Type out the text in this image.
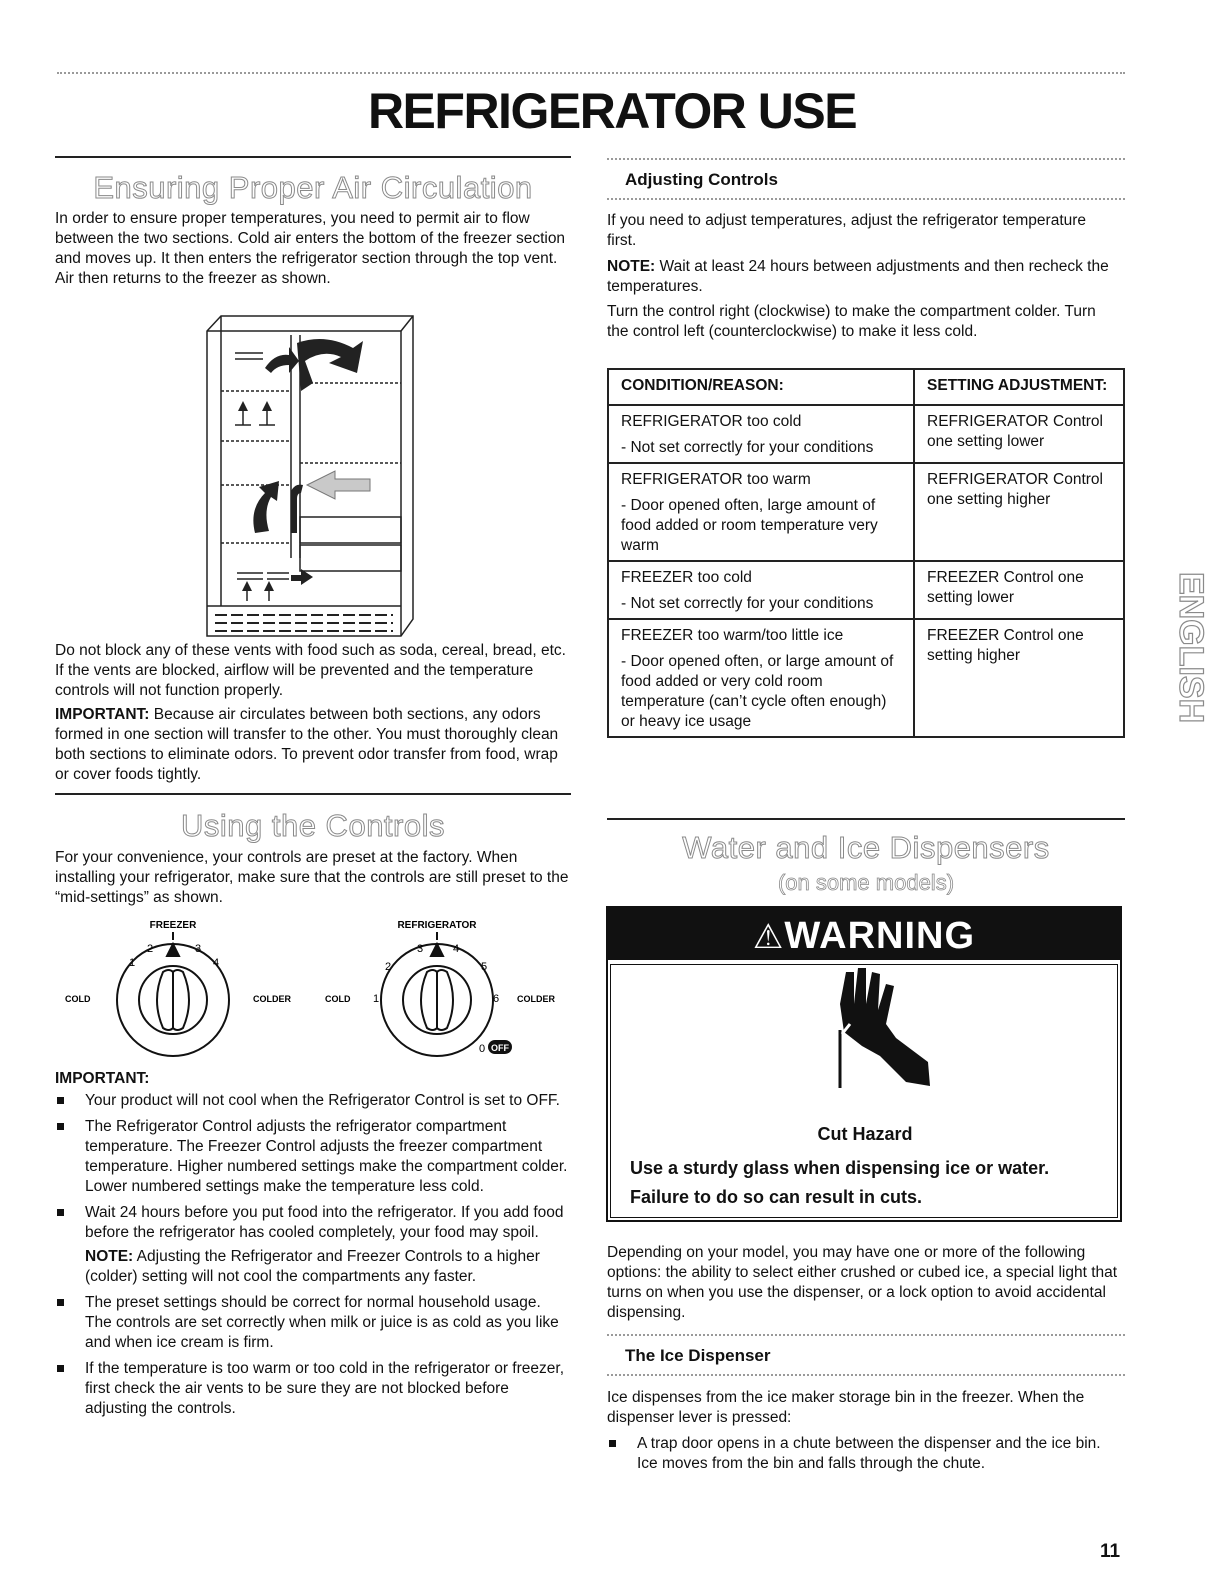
REFRIGERATOR USE
Ensuring Proper Air Circulation

In order to ensure proper temperatures, you need to permit air to flow between the two sections. Cold air enters the bottom of the freezer section and moves up. It then enters the refrigerator section through the top vent. Air then returns to the freezer as shown.

Do not block any of these vents with food such as soda, cereal, bread, etc. If the vents are blocked, airflow will be prevented and the temperature controls will not function properly.

IMPORTANT: Because air circulates between both sections, any odors formed in one section will transfer to the other. You must thoroughly clean both sections to eliminate odors. To prevent odor transfer from food, wrap or cover foods tightly.

Using the Controls

For your convenience, your controls are preset at the factory. When installing your refrigerator, make sure that the controls are still preset to the “mid-settings” as shown.

FREEZER	REFRIGERATOR
1
2	3
4
COLD	COLDER	COLD 1
2
3	4
5
6 COLDER
0 OFF

IMPORTANT:

Your product will not cool when the Refrigerator Control is set to OFF.
The Refrigerator Control adjusts the refrigerator compartment temperature. The Freezer Control adjusts the freezer compartment temperature. Higher numbered settings make the compartment colder. Lower numbered settings make the temperature less cold.
Wait 24 hours before you put food into the refrigerator. If you add food before the refrigerator has cooled completely, your food may spoil.
NOTE: Adjusting the Refrigerator and Freezer Controls to a higher (colder) setting will not cool the compartments any faster.
The preset settings should be correct for normal household usage. The controls are set correctly when milk or juice is as cold as you like and when ice cream is firm.
If the temperature is too warm or too cold in the refrigerator or freezer, first check the air vents to be sure they are not blocked before adjusting the controls.
Adjusting Controls

If you need to adjust temperatures, adjust the refrigerator temperature first.

NOTE: Wait at least 24 hours between adjustments and then recheck the temperatures.

Turn the control right (clockwise) to make the compartment colder. Turn the control left (counterclockwise) to make it less cold.

CONDITION/REASON:	SETTING ADJUSTMENT:
REFRIGERATOR too cold
- Not set correctly for your conditions	REFRIGERATOR Control one setting lower
REFRIGERATOR too warm
- Door opened often, large amount of food added or room temperature very warm	REFRIGERATOR Control one setting higher
FREEZER too cold
- Not set correctly for your conditions	FREEZER Control one setting lower
FREEZER too warm/too little ice
- Door opened often, or large amount of food added or very cold room temperature (can’t cycle often enough) or heavy ice usage	FREEZER Control one setting higher
Water and Ice Dispensers

(on some models)

⚠WARNING

Cut Hazard

Use a sturdy glass when dispensing ice or water.

Failure to do so can result in cuts.

Depending on your model, you may have one or more of the following options: the ability to select either crushed or cubed ice, a special light that turns on when you use the dispenser, or a lock option to avoid accidental dispensing.

The Ice Dispenser

Ice dispenses from the ice maker storage bin in the freezer. When the dispenser lever is pressed:

A trap door opens in a chute between the dispenser and the ice bin. Ice moves from the bin and falls through the chute.
ENGLISH

11
